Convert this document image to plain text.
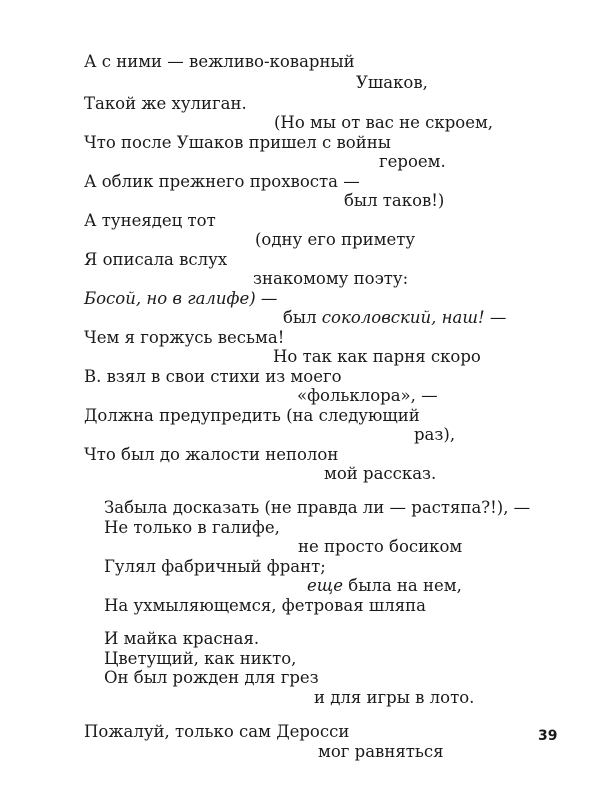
А с ними — вежливо-коварный
Ушаков,
Такой же хулиган.
(Но мы от вас не скроем,
Что после Ушаков пришел с войны
героем.
А облик прежнего прохвоста —
был таков!)
А тунеядец тот
(одну его примету
Я описала вслух
знакомому поэту:
Босой, но в галифе) —
был соколовский, наш! —
Чем я горжусь весьма!
Но так как парня скоро
В. взял в свои стихи из моего
«фольклора», —
Должна предупредить (на следующий
раз),
Что был до жалости неполон
мой рассказ.
Забыла досказать (не правда ли — растяпа?!), —
Не только в галифе,
не просто босиком
Гулял фабричный франт;
еще была на нем,
На ухмыляющемся, фетровая шляпа
И майка красная.
Цветущий, как никто,
Он был рожден для грез
и для игры в лото.
Пожалуй, только сам Деросси
мог равняться
39
